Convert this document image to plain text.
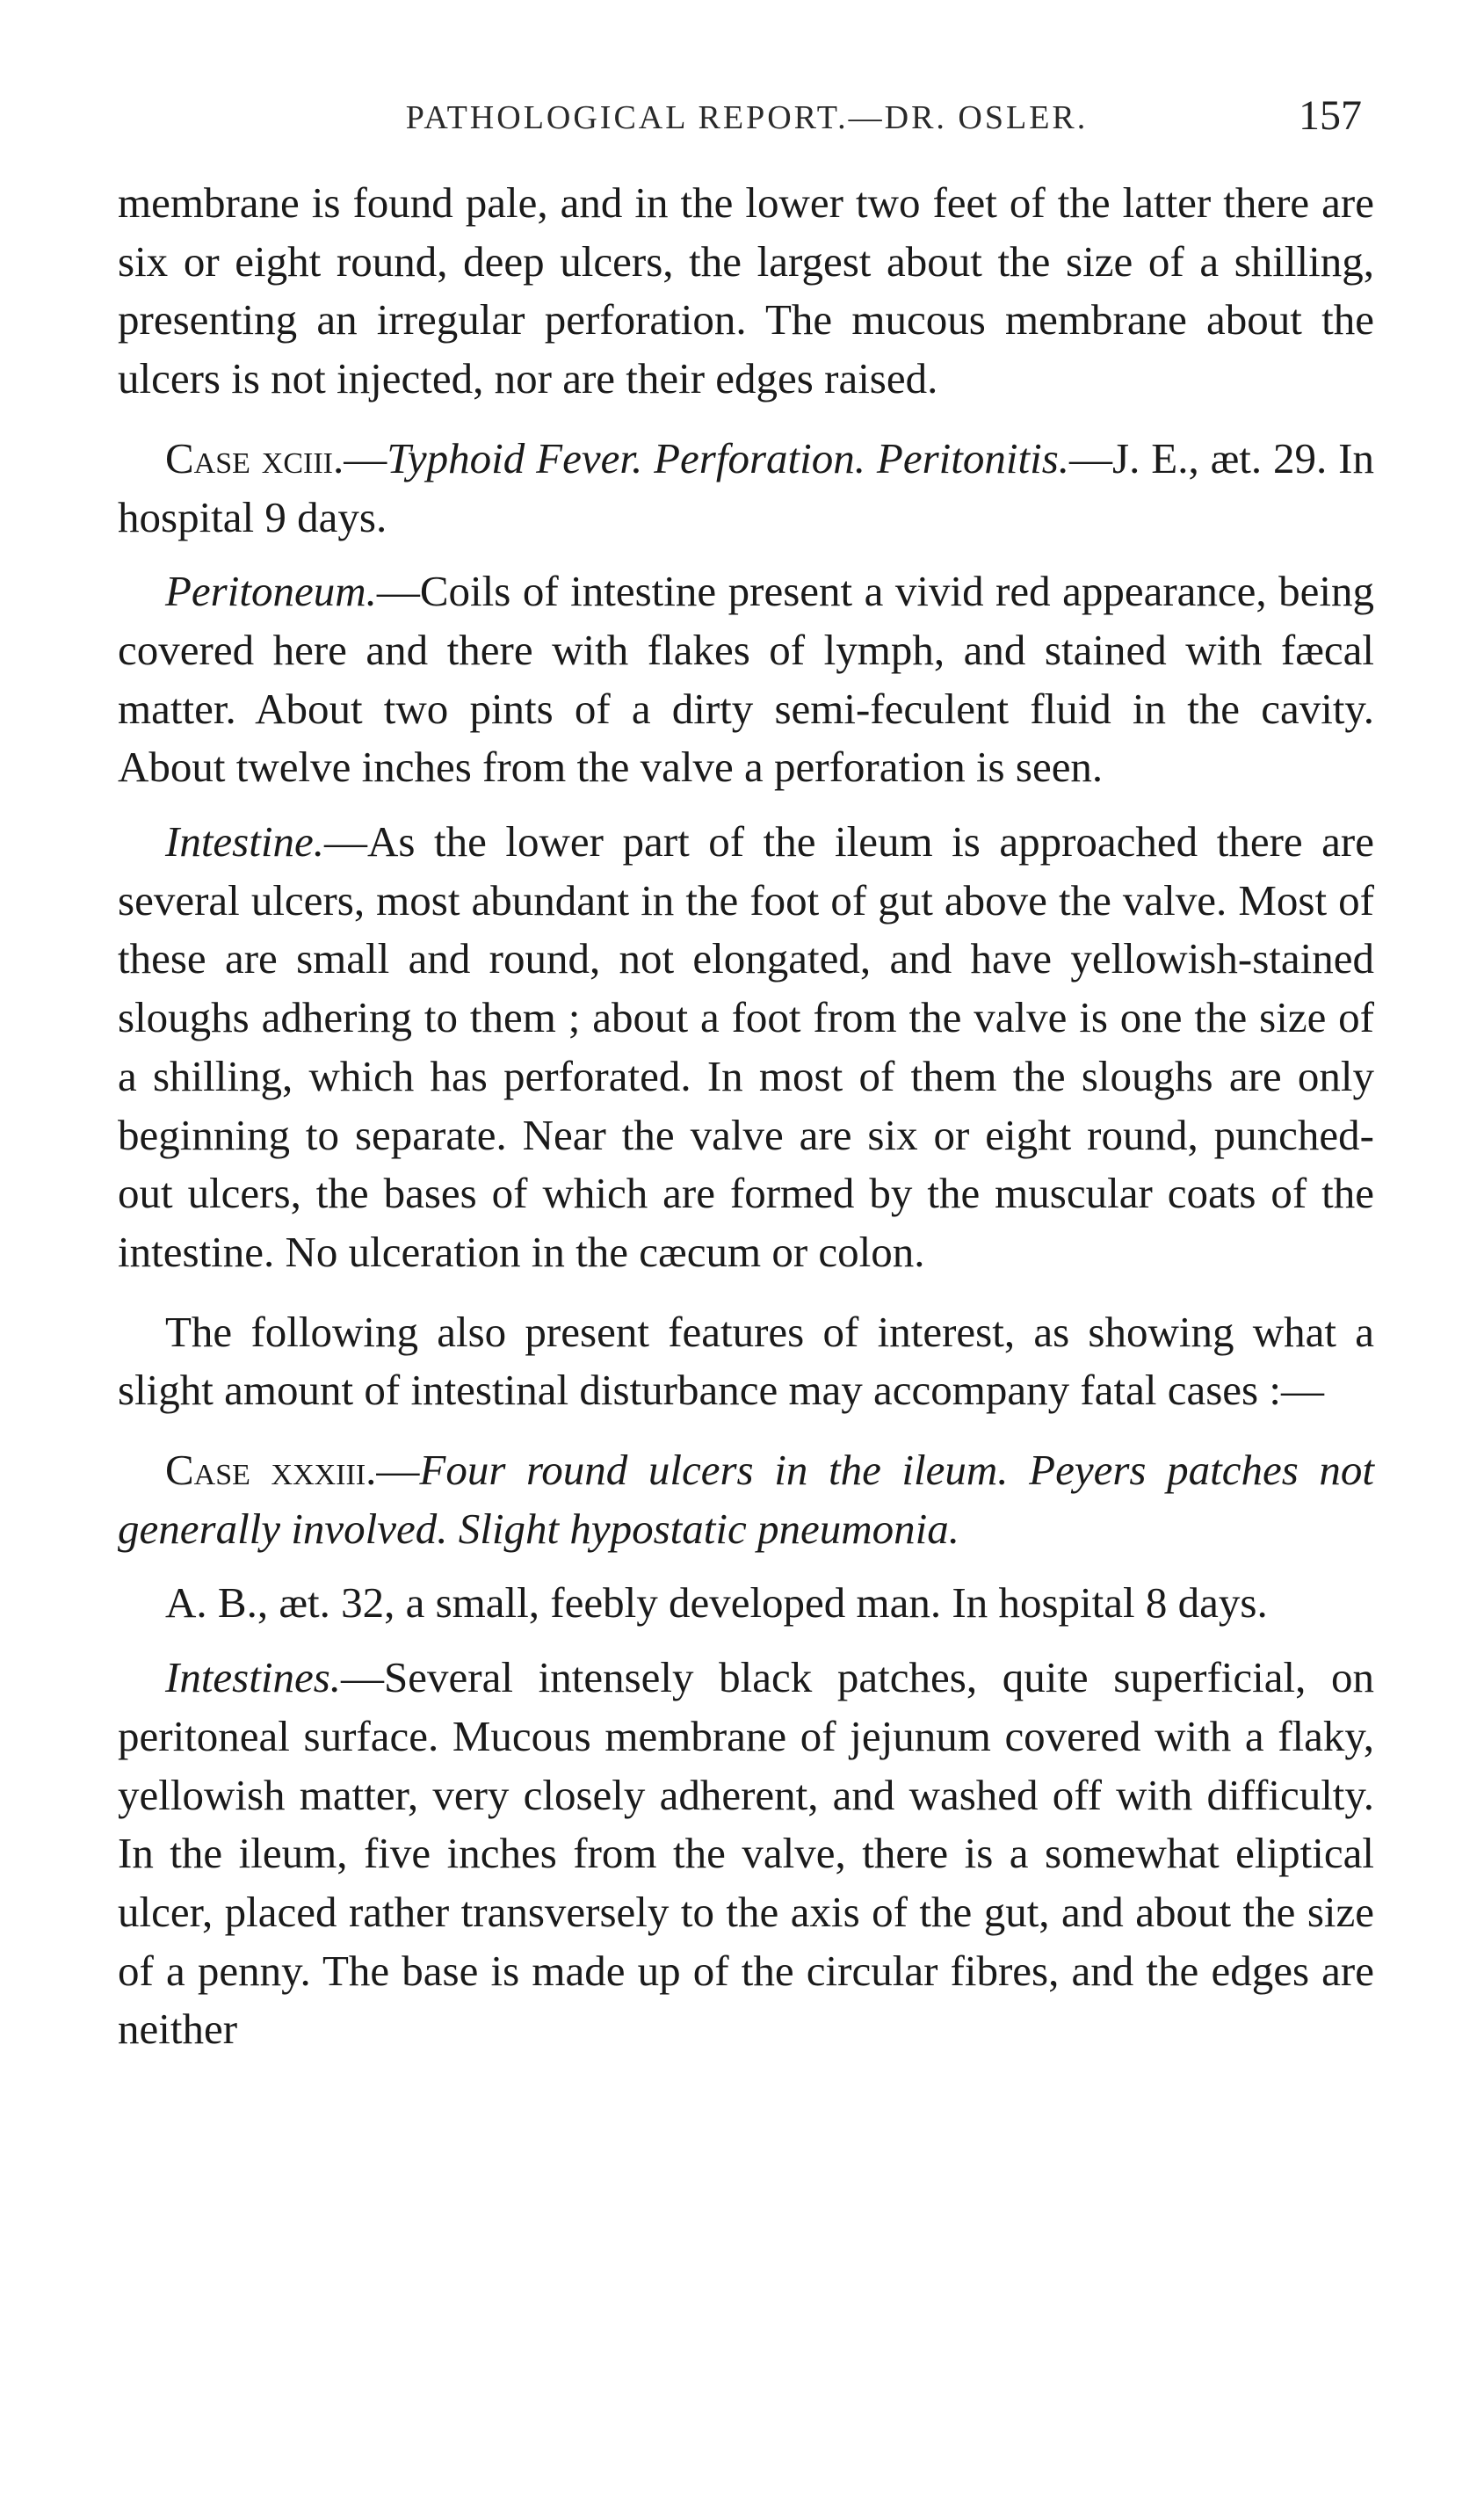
PATHOLOGICAL REPORT.—DR. OSLER.	157

membrane is found pale, and in the lower two feet of the latter there are six or eight round, deep ulcers, the largest about the size of a shilling, presenting an irregular perforation. The mucous membrane about the ulcers is not injected, nor are their edges raised.

Case xciii.—Typhoid Fever. Perforation. Peritonitis.—J. E., æt. 29. In hospital 9 days.

Peritoneum.—Coils of intestine present a vivid red appearance, being covered here and there with flakes of lymph, and stained with fæcal matter. About two pints of a dirty semi-feculent fluid in the cavity. About twelve inches from the valve a perforation is seen.

Intestine.—As the lower part of the ileum is approached there are several ulcers, most abundant in the foot of gut above the valve. Most of these are small and round, not elongated, and have yellowish-stained sloughs adhering to them ; about a foot from the valve is one the size of a shilling, which has perforated. In most of them the sloughs are only beginning to separate. Near the valve are six or eight round, punched-out ulcers, the bases of which are formed by the muscular coats of the intestine. No ulceration in the cæcum or colon.

The following also present features of interest, as showing what a slight amount of intestinal disturbance may accompany fatal cases :—

Case xxxiii.—Four round ulcers in the ileum. Peyers patches not generally involved. Slight hypostatic pneumonia.

A. B., æt. 32, a small, feebly developed man. In hospital 8 days.

Intestines.—Several intensely black patches, quite superficial, on peritoneal surface. Mucous membrane of jejunum covered with a flaky, yellowish matter, very closely adherent, and washed off with difficulty. In the ileum, five inches from the valve, there is a somewhat eliptical ulcer, placed rather transversely to the axis of the gut, and about the size of a penny. The base is made up of the circular fibres, and the edges are neither
